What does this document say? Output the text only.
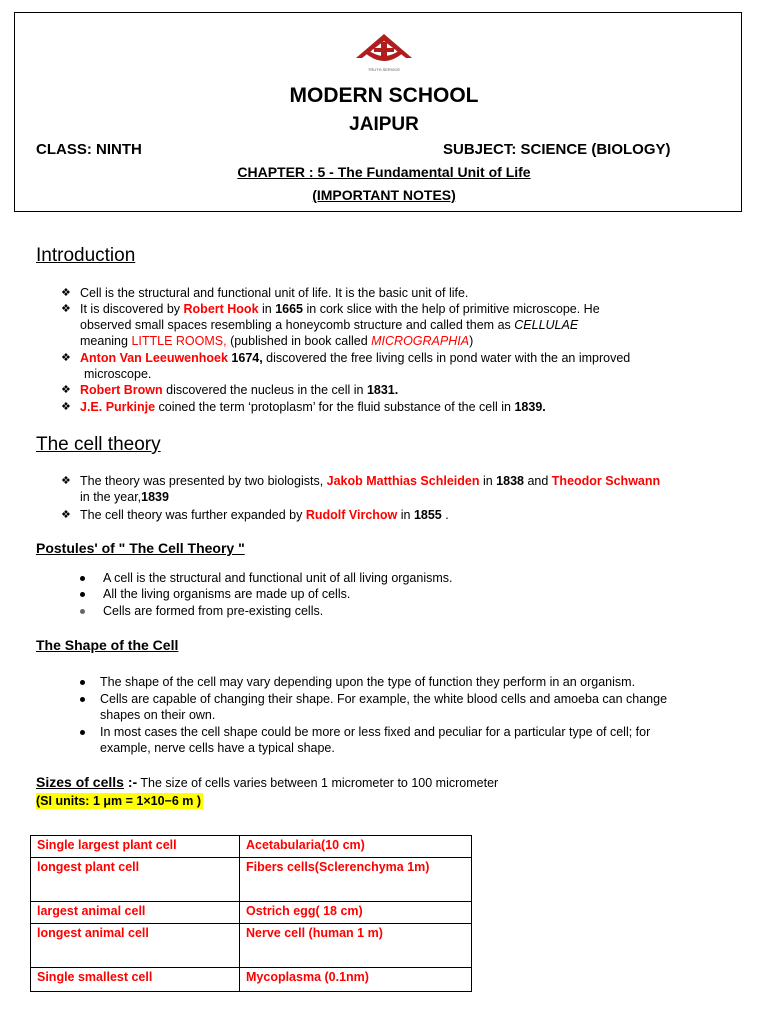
TRUTH SERVICE
MODERN SCHOOL
JAIPUR
CLASS: NINTH	SUBJECT: SCIENCE (BIOLOGY)
CHAPTER : 5 - The Fundamental Unit of Life
(IMPORTANT NOTES)
Introduction
❖ Cell is the structural and functional unit of life. It is the basic unit of life.
❖ It is discovered by Robert Hook in 1665 in cork slice with the help of primitive microscope. He
observed small spaces resembling a honeycomb structure and called them as CELLULAE
meaning LITTLE ROOMS, (published in book called MICROGRAPHIA)
❖ Anton Van Leeuwenhoek 1674, discovered the free living cells in pond water with the an improved
microscope.
❖ Robert Brown discovered the nucleus in the cell in 1831.
❖ J.E. Purkinje coined the term ‘protoplasm’ for the fluid substance of the cell in 1839.
The cell theory
❖ The theory was presented by two biologists, Jakob Matthias Schleiden in 1838 and Theodor Schwann
in the year,1839
❖ The cell theory was further expanded by Rudolf Virchow in 1855 .
Postules' of " The Cell Theory "
A cell is the structural and functional unit of all living organisms.
All the living organisms are made up of cells.
Cells are formed from pre-existing cells.
The Shape of the Cell
The shape of the cell may vary depending upon the type of function they perform in an organism.
Cells are capable of changing their shape. For example, the white blood cells and amoeba can change
shapes on their own.
In most cases the cell shape could be more or less fixed and peculiar for a particular type of cell; for
example, nerve cells have a typical shape.
Sizes of cells :- The size of cells varies between 1 micrometer to 100 micrometer
(SI units: 1 μm = 1×10−6 m )
Single largest plant cell	Acetabularia(10 cm)
longest plant cell	Fibers cells(Sclerenchyma 1m)
largest animal cell	Ostrich egg( 18 cm)
longest animal cell	Nerve cell (human 1 m)
Single smallest cell	Mycoplasma (0.1nm)
